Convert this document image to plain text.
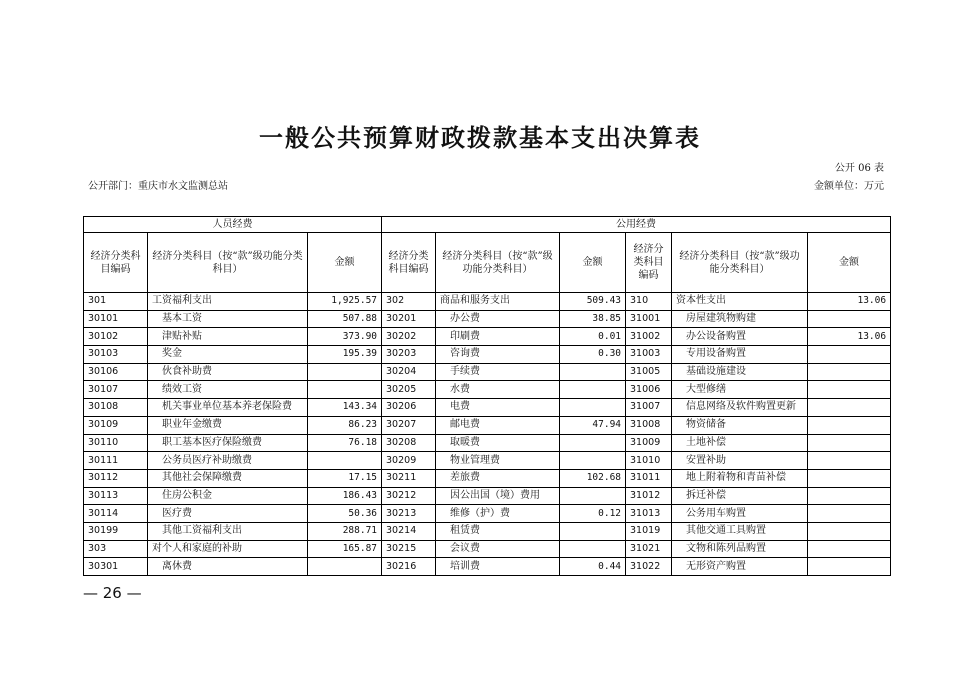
一般公共预算财政拨款基本支出决算表
公开 06 表
公开部门：重庆市水文监测总站	金额单位：万元
人员经费			公用经费					
经济分类科目编码	经济分类科目（按“款”级功能分类科目）	金额	经济分类科目编码	经济分类科目（按“款”级功能分类科目）	金额	经济分类科目编码	经济分类科目（按“款”级功能分类科目）	金额
301	工资福利支出	1,925.57	302	商品和服务支出	509.43	310	资本性支出	13.06
30101	基本工资	507.88	30201	办公费	38.85	31001	房屋建筑物购建	
30102	津贴补贴	373.90	30202	印刷费	0.01	31002	办公设备购置	13.06
30103	奖金	195.39	30203	咨询费	0.30	31003	专用设备购置	
30106	伙食补助费		30204	手续费		31005	基础设施建设	
30107	绩效工资		30205	水费		31006	大型修缮	
30108	机关事业单位基本养老保险费	143.34	30206	电费		31007	信息网络及软件购置更新	
30109	职业年金缴费	86.23	30207	邮电费	47.94	31008	物资储备	
30110	职工基本医疗保险缴费	76.18	30208	取暖费		31009	土地补偿	
30111	公务员医疗补助缴费		30209	物业管理费		31010	安置补助	
30112	其他社会保障缴费	17.15	30211	差旅费	102.68	31011	地上附着物和青苗补偿	
30113	住房公积金	186.43	30212	因公出国（境）费用		31012	拆迁补偿	
30114	医疗费	50.36	30213	维修（护）费	0.12	31013	公务用车购置	
30199	其他工资福利支出	288.71	30214	租赁费		31019	其他交通工具购置	
303	对个人和家庭的补助	165.87	30215	会议费		31021	文物和陈列品购置	
30301	离休费		30216	培训费	0.44	31022	无形资产购置	
— 26 —
